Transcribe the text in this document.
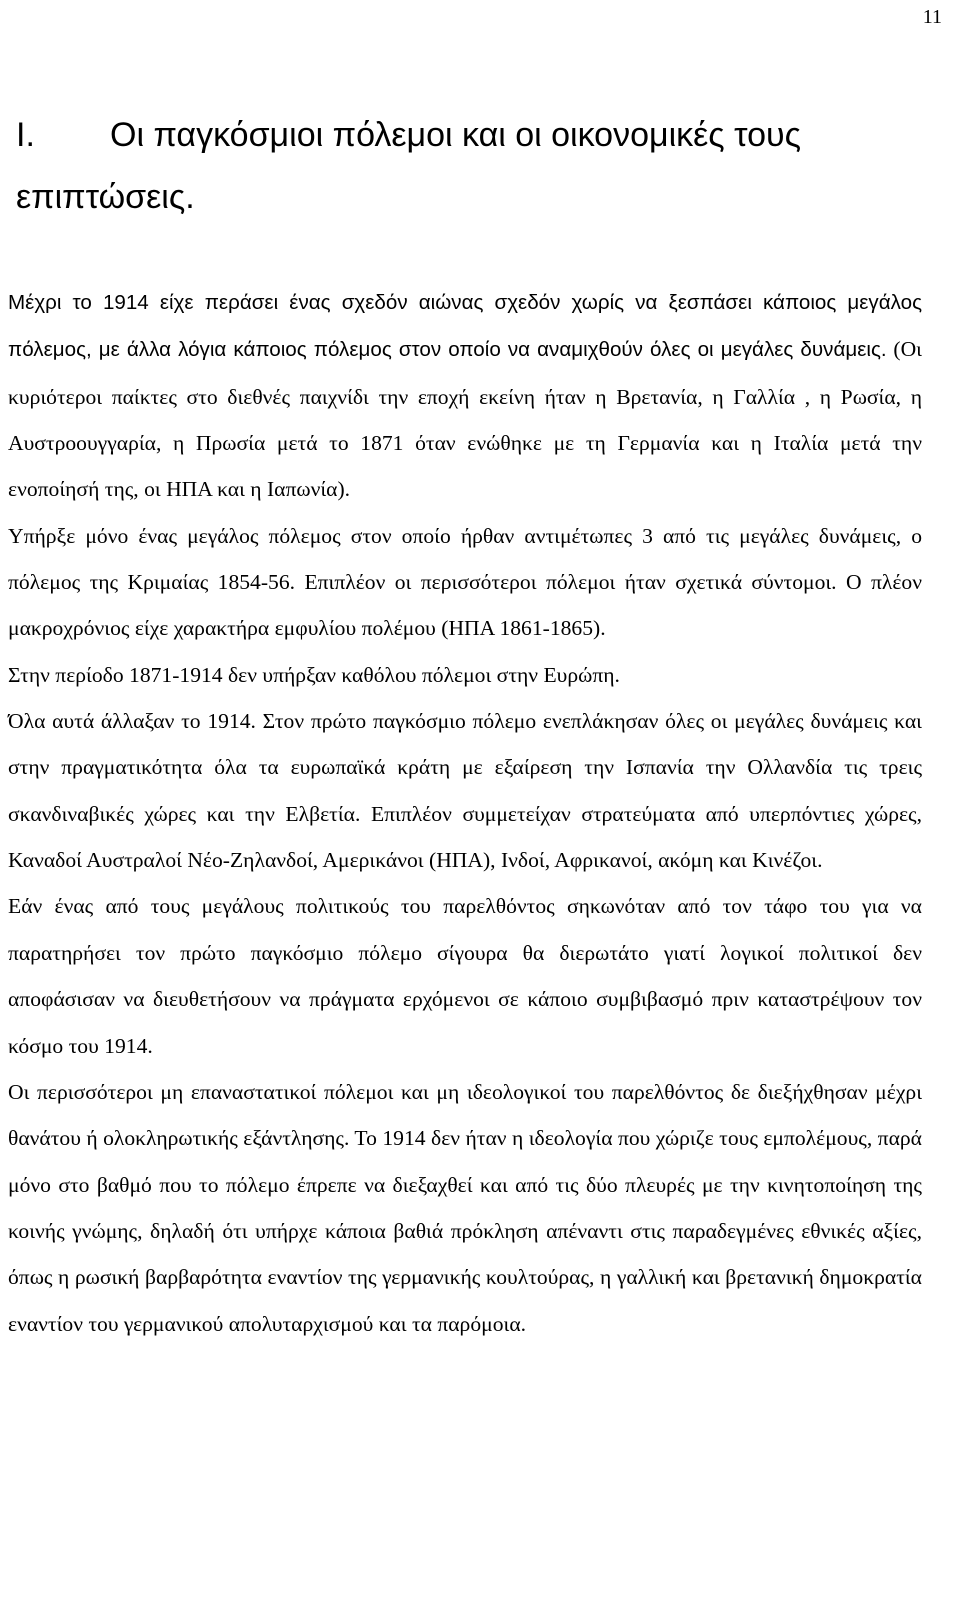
11
I. Οι παγκόσμιοι πόλεμοι και οι οικονομικές τους επιπτώσεις.

Μέχρι το 1914 είχε περάσει ένας σχεδόν αιώνας σχεδόν χωρίς να ξεσπάσει κάποιος μεγάλος πόλεμος, με άλλα λόγια κάποιος πόλεμος στον οποίο να αναμιχθούν όλες οι μεγάλες δυνάμεις. (Οι κυριότεροι παίκτες στο διεθνές παιχνίδι την εποχή εκείνη ήταν η Βρετανία, η Γαλλία , η Ρωσία, η Αυστροουγγαρία, η Πρωσία μετά το 1871 όταν ενώθηκε με τη Γερμανία και η Ιταλία μετά την ενοποίησή της, οι ΗΠΑ και η Ιαπωνία).

Υπήρξε μόνο ένας μεγάλος πόλεμος στον οποίο ήρθαν αντιμέτωπες 3 από τις μεγάλες δυνάμεις, ο πόλεμος της Κριμαίας 1854-56. Επιπλέον οι περισσότεροι πόλεμοι ήταν σχετικά σύντομοι. Ο πλέον μακροχρόνιος είχε χαρακτήρα εμφυλίου πολέμου (ΗΠΑ 1861-1865).

Στην περίοδο 1871-1914 δεν υπήρξαν καθόλου πόλεμοι στην Ευρώπη.

Όλα αυτά άλλαξαν το 1914. Στον πρώτο παγκόσμιο πόλεμο ενεπλάκησαν όλες οι μεγάλες δυνάμεις και στην πραγματικότητα όλα τα ευρωπαϊκά κράτη με εξαίρεση την Ισπανία την Ολλανδία τις τρεις σκανδιναβικές χώρες και την Ελβετία. Επιπλέον συμμετείχαν στρατεύματα από υπερπόντιες χώρες, Καναδοί Αυστραλοί Νέο-Ζηλανδοί, Αμερικάνοι (ΗΠΑ), Ινδοί, Αφρικανοί, ακόμη και Κινέζοι.

Εάν ένας από τους μεγάλους πολιτικούς του παρελθόντος σηκωνόταν από τον τάφο του για να παρατηρήσει τον πρώτο παγκόσμιο πόλεμο σίγουρα θα διερωτάτο γιατί λογικοί πολιτικοί δεν αποφάσισαν να διευθετήσουν να πράγματα ερχόμενοι σε κάποιο συμβιβασμό πριν καταστρέψουν τον κόσμο του 1914.

Οι περισσότεροι μη επαναστατικοί πόλεμοι και μη ιδεολογικοί του παρελθόντος δε διεξήχθησαν μέχρι θανάτου ή ολοκληρωτικής εξάντλησης. Το 1914 δεν ήταν η ιδεολογία που χώριζε τους εμπολέμους, παρά μόνο στο βαθμό που το πόλεμο έπρεπε να διεξαχθεί και από τις δύο πλευρές με την κινητοποίηση της κοινής γνώμης, δηλαδή ότι υπήρχε κάποια βαθιά πρόκληση απέναντι στις παραδεγμένες εθνικές αξίες, όπως η ρωσική βαρβαρότητα εναντίον της γερμανικής κουλτούρας, η γαλλική και βρετανική δημοκρατία εναντίον του γερμανικού απολυταρχισμού και τα παρόμοια.
